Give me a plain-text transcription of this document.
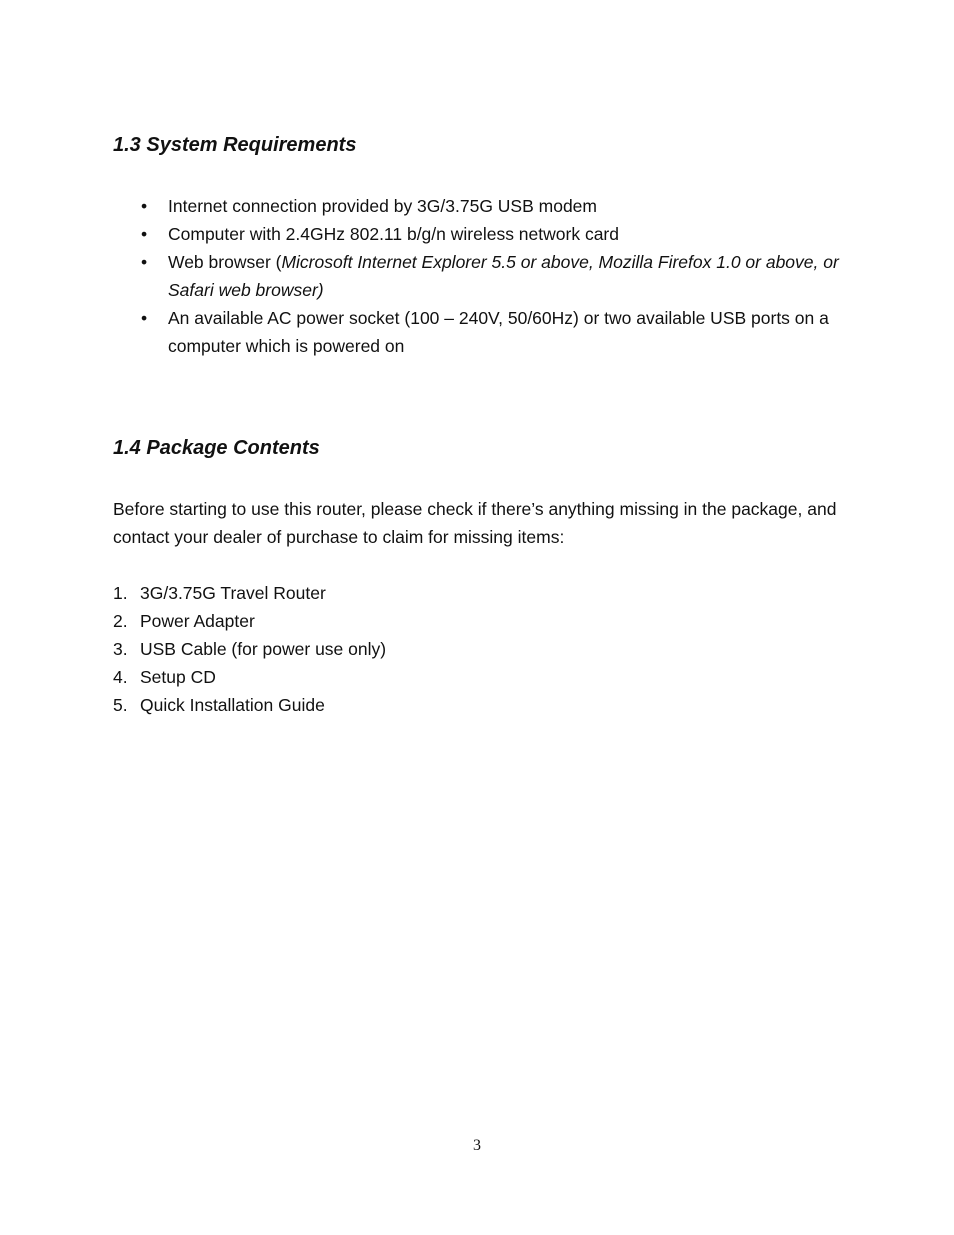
1.3 System Requirements
• Internet connection provided by 3G/3.75G USB modem
• Computer with 2.4GHz 802.11 b/g/n wireless network card
• Web browser (Microsoft Internet Explorer 5.5 or above, Mozilla Firefox 1.0 or above, or Safari web browser)
• An available AC power socket (100 – 240V, 50/60Hz) or two available USB ports on a computer which is powered on
1.4 Package Contents

Before starting to use this router, please check if there’s anything missing in the package, and contact your dealer of purchase to claim for missing items:

1. 3G/3.75G Travel Router
2. Power Adapter
3. USB Cable (for power use only)
4. Setup CD
5. Quick Installation Guide
3
